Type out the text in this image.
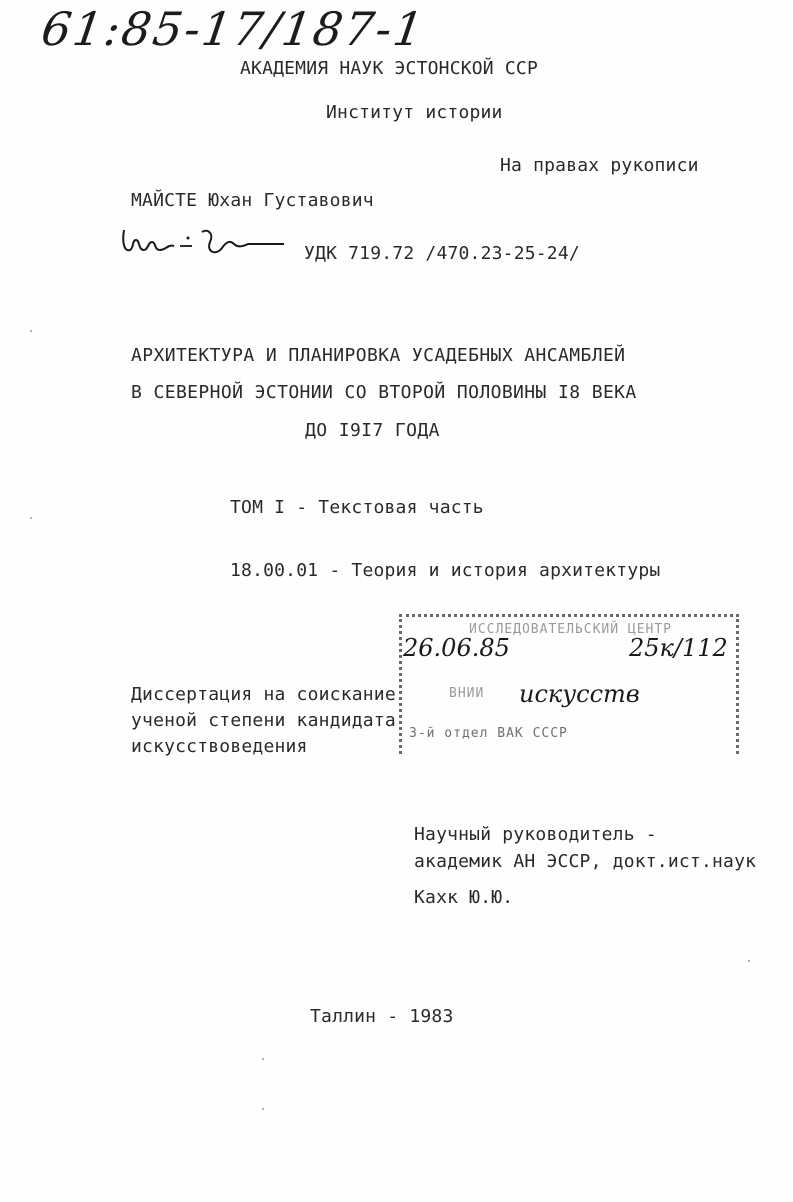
61:85-17/187-1
АКАДЕМИЯ НАУК ЭСТОНСКОЙ ССР
Институт истории
На правах рукописи
МАЙСТЕ Юхан Густавович
УДК 719.72 /470.23-25-24/
АРХИТЕКТУРА И ПЛАНИРОВКА УСАДЕБНЫХ АНСАМБЛЕЙ
В СЕВЕРНОЙ ЭСТОНИИ СО ВТОРОЙ ПОЛОВИНЫ I8 ВЕКА
ДО I9I7 ГОДА
ТОМ I - Текстовая часть
18.00.01 - Теория и история архитектуры
Диссертация на соискание
ученой степени кандидата
искусствоведения
ИССЛЕДОВАТЕЛЬСКИЙ ЦЕНТР
26.06.85	25к/112
ВНИИ искусств
3-й отдел ВАК СССР
Научный руководитель -
академик АН ЭССР, докт.ист.наук
Кахк Ю.Ю.
Таллин - 1983
